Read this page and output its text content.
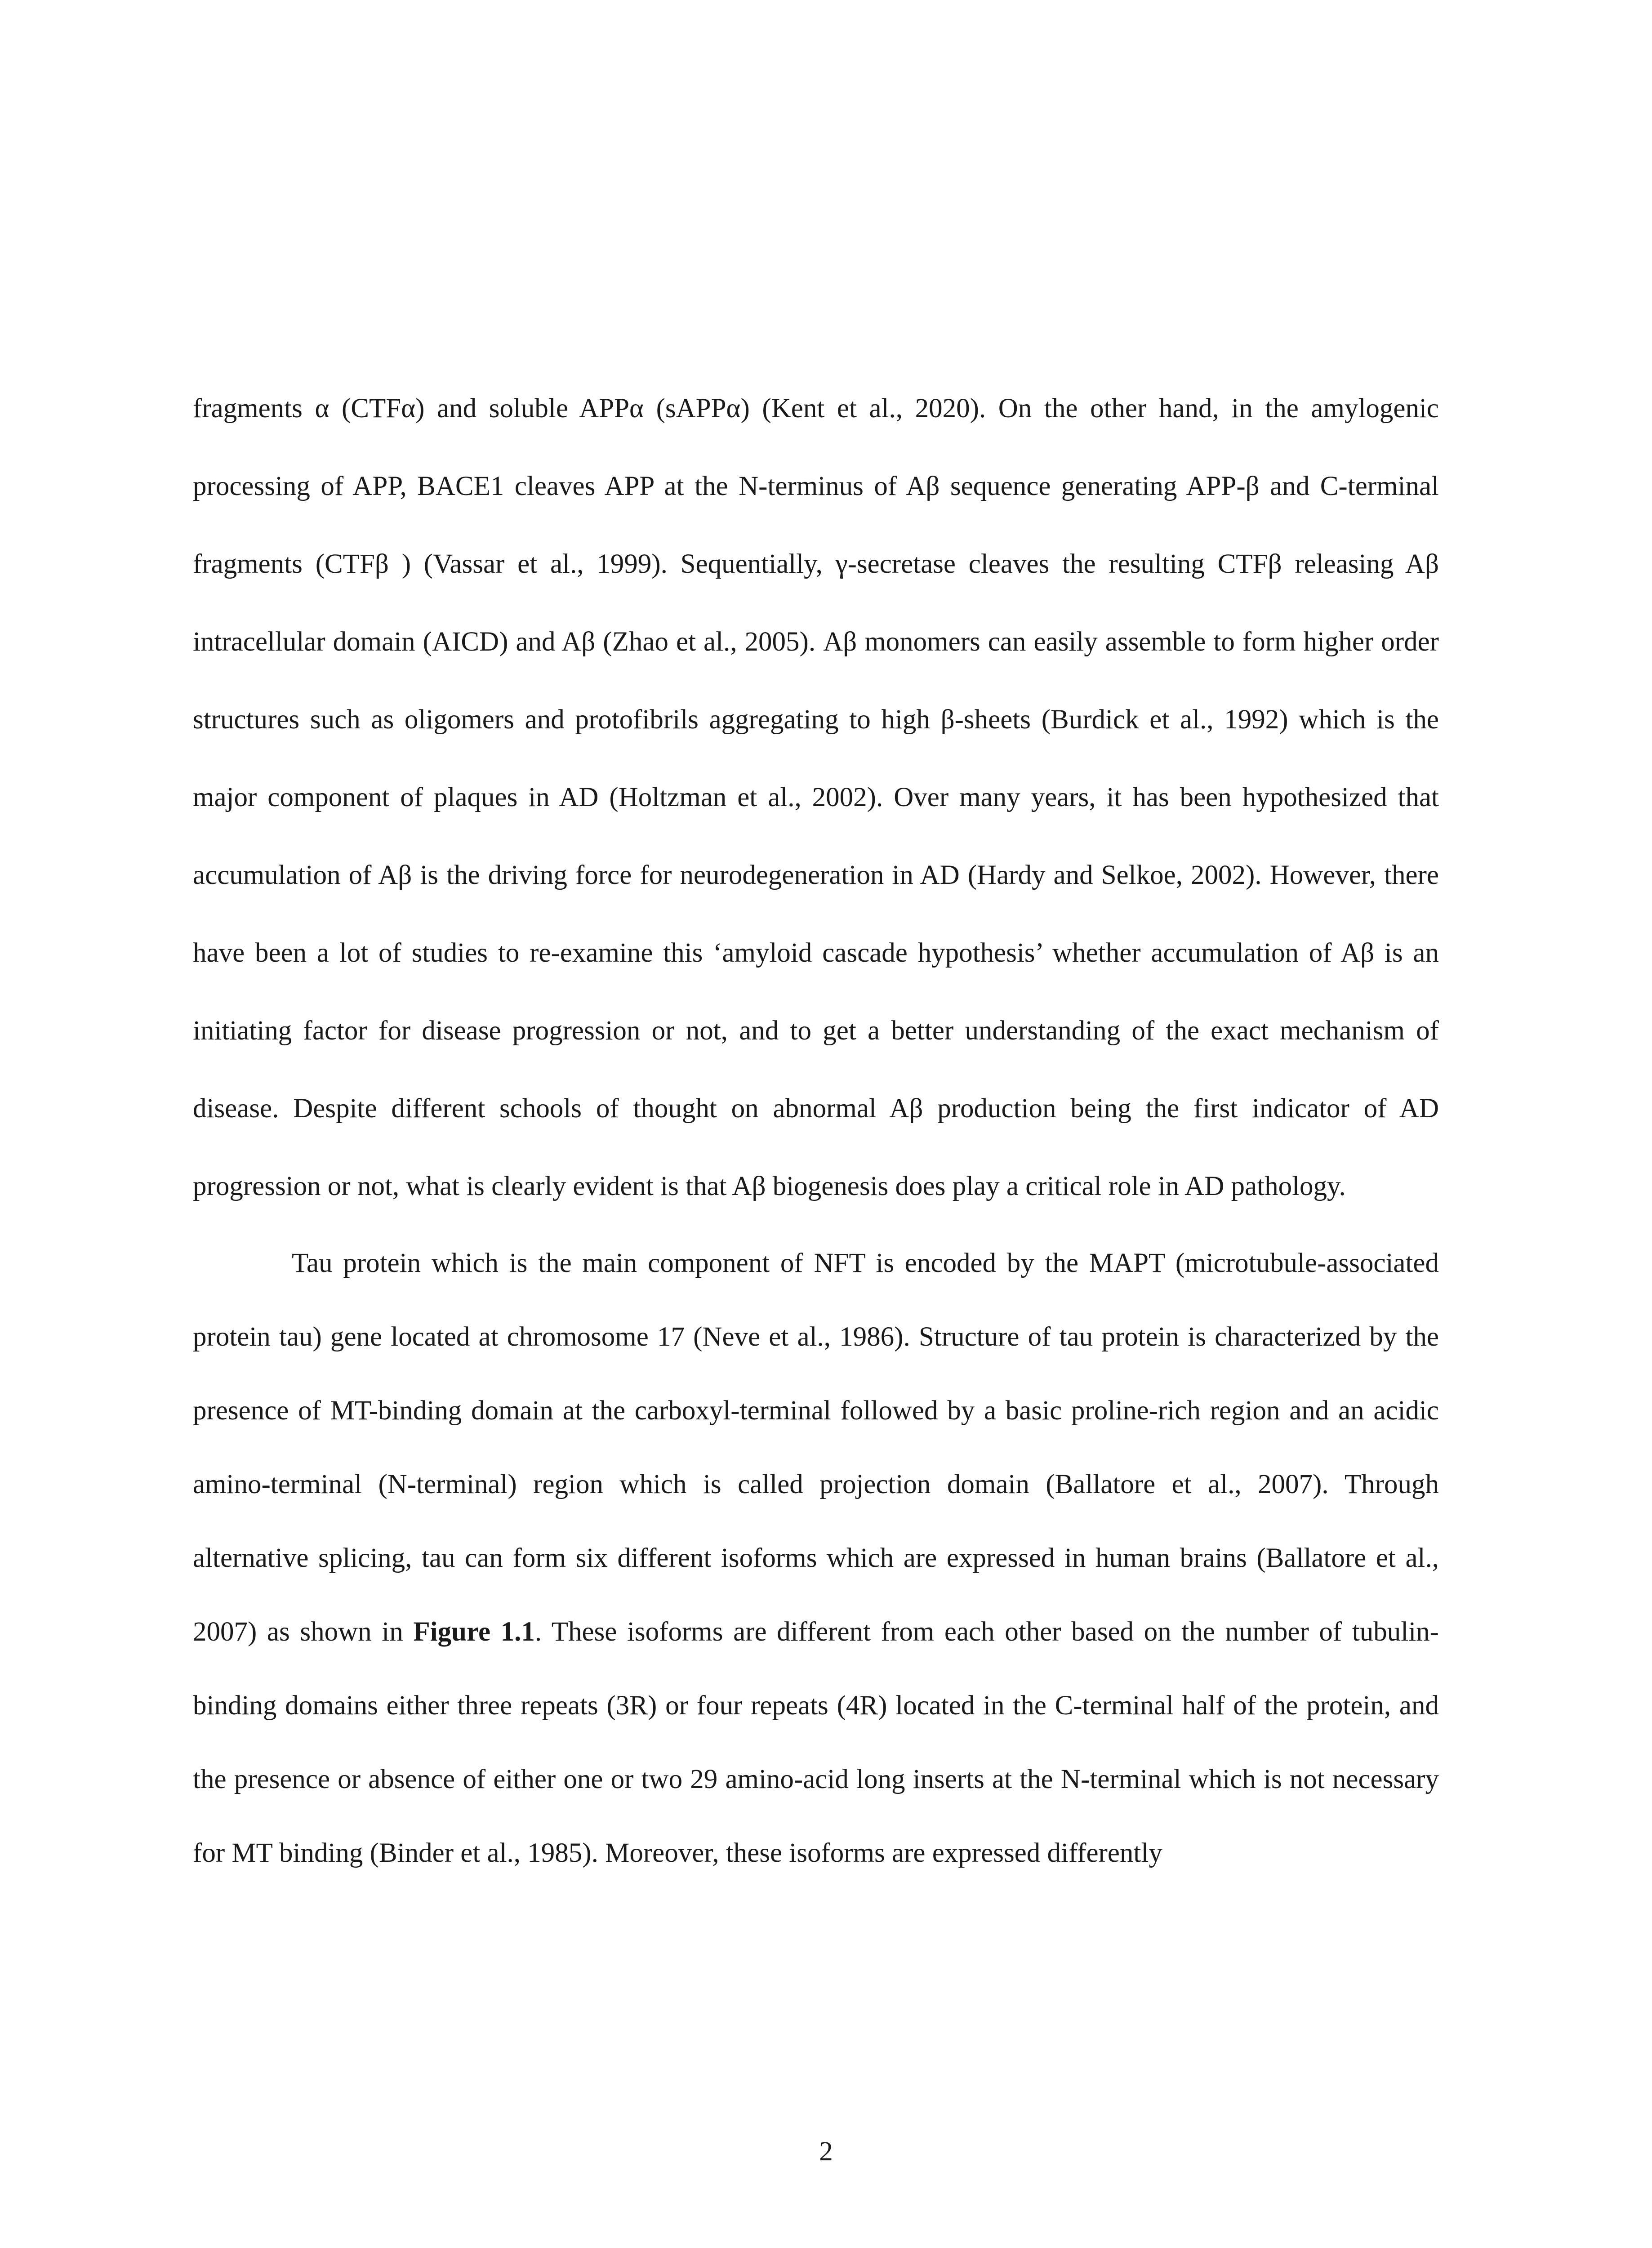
fragments α (CTFα) and soluble APPα (sAPPα) (Kent et al., 2020). On the other hand, in the amylogenic processing of APP, BACE1 cleaves APP at the N-terminus of Aβ sequence generating APP-β and C-terminal fragments (CTFβ ) (Vassar et al., 1999). Sequentially, γ-secretase cleaves the resulting CTFβ releasing Aβ intracellular domain (AICD) and Aβ (Zhao et al., 2005). Aβ monomers can easily assemble to form higher order structures such as oligomers and protofibrils aggregating to high β-sheets (Burdick et al., 1992) which is the major component of plaques in AD (Holtzman et al., 2002). Over many years, it has been hypothesized that accumulation of Aβ is the driving force for neurodegeneration in AD (Hardy and Selkoe, 2002). However, there have been a lot of studies to re-examine this ‘amyloid cascade hypothesis’ whether accumulation of Aβ is an initiating factor for disease progression or not, and to get a better understanding of the exact mechanism of disease. Despite different schools of thought on abnormal Aβ production being the first indicator of AD progression or not, what is clearly evident is that Aβ biogenesis does play a critical role in AD pathology.

Tau protein which is the main component of NFT is encoded by the MAPT (microtubule-associated protein tau) gene located at chromosome 17 (Neve et al., 1986). Structure of tau protein is characterized by the presence of MT-binding domain at the carboxyl-terminal followed by a basic proline-rich region and an acidic amino-terminal (N-terminal) region which is called projection domain (Ballatore et al., 2007). Through alternative splicing, tau can form six different isoforms which are expressed in human brains (Ballatore et al., 2007) as shown in Figure 1.1. These isoforms are different from each other based on the number of tubulin-binding domains either three repeats (3R) or four repeats (4R) located in the C-terminal half of the protein, and the presence or absence of either one or two 29 amino-acid long inserts at the N-terminal which is not necessary for MT binding (Binder et al., 1985). Moreover, these isoforms are expressed differently

2
